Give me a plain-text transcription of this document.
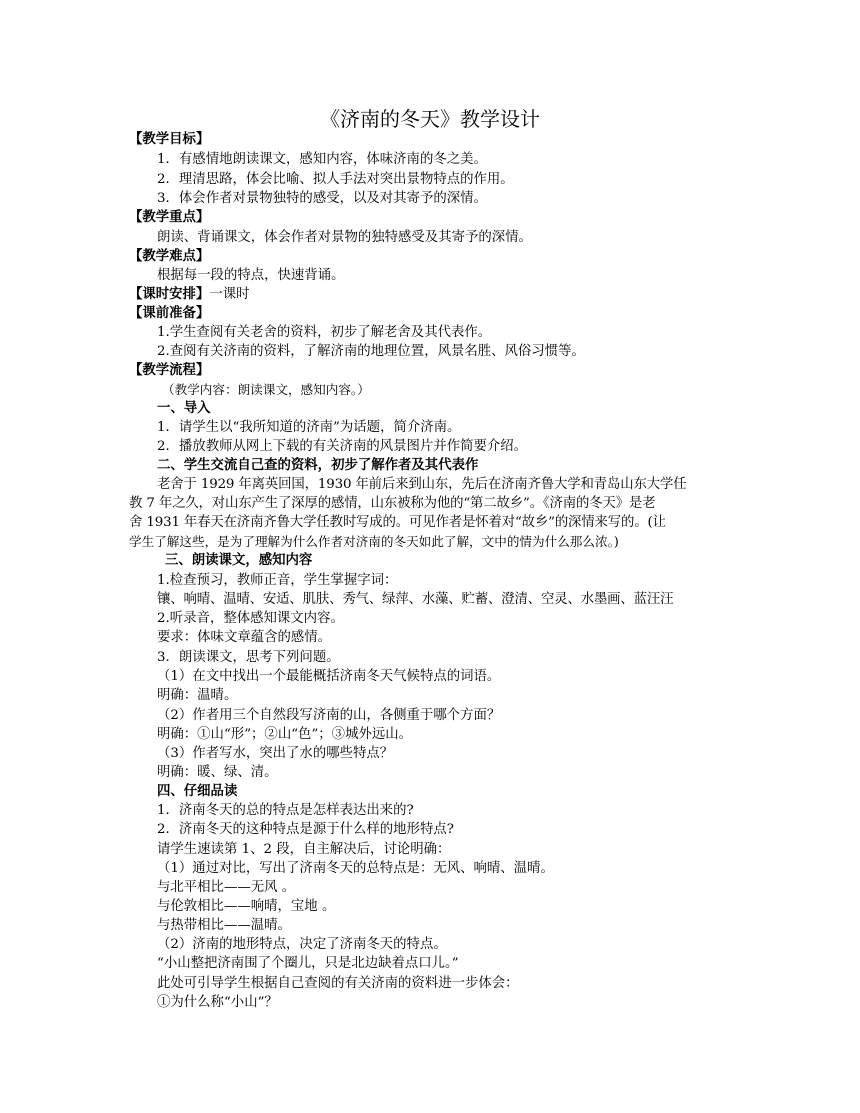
《济南的冬天》教学设计
【教学目标】
1．有感情地朗读课文，感知内容，体味济南的冬之美。
2．理清思路，体会比喻、拟人手法对突出景物特点的作用。
3．体会作者对景物独特的感受，以及对其寄予的深情。
【教学重点】
朗读、背诵课文，体会作者对景物的独特感受及其寄予的深情。
【教学难点】
根据每一段的特点，快速背诵。
【课时安排】一课时
【课前准备】
1.学生查阅有关老舍的资料，初步了解老舍及其代表作。
2.查阅有关济南的资料，了解济南的地理位置，风景名胜、风俗习惯等。
【教学流程】
（教学内容：朗读课文，感知内容。）
一、导入
1．请学生以“我所知道的济南”为话题，简介济南。
2．播放教师从网上下载的有关济南的风景图片并作简要介绍。
二、学生交流自己查的资料，初步了解作者及其代表作
老舍于 1929 年离英回国，1930 年前后来到山东，先后在济南齐鲁大学和青岛山东大学任
教 7 年之久，对山东产生了深厚的感情，山东被称为他的“第二故乡”。《济南的冬天》是老
舍 1931 年春天在济南齐鲁大学任教时写成的。可见作者是怀着对“故乡”的深情来写的。(让
学生了解这些，是为了理解为什么作者对济南的冬天如此了解，文中的情为什么那么浓。)
三、朗读课文，感知内容
1.检查预习，教师正音，学生掌握字词：
镶、响晴、温晴、安适、肌肤、秀气、绿萍、水藻、贮蓄、澄清、空灵、水墨画、蓝汪汪
2.听录音，整体感知课文内容。
要求：体味文章蕴含的感情。
3．朗读课文，思考下列问题。
（1）在文中找出一个最能概括济南冬天气候特点的词语。
明确：温晴。
（2）作者用三个自然段写济南的山，各侧重于哪个方面？
明确：①山“形”；②山“色”；③城外远山。
（3）作者写水，突出了水的哪些特点？
明确：暖、绿、清。
四、仔细品读
1．济南冬天的总的特点是怎样表达出来的?
2．济南冬天的这种特点是源于什么样的地形特点?
请学生速读第 1、2 段，自主解决后，讨论明确：
（1）通过对比，写出了济南冬天的总特点是：无风、响晴、温晴。
与北平相比——无风 。
与伦敦相比——响晴，宝地 。
与热带相比——温晴。
（2）济南的地形特点，决定了济南冬天的特点。
“小山整把济南围了个圈儿，只是北边缺着点口儿。”
此处可引导学生根据自己查阅的有关济南的资料进一步体会：
①为什么称“小山”？
